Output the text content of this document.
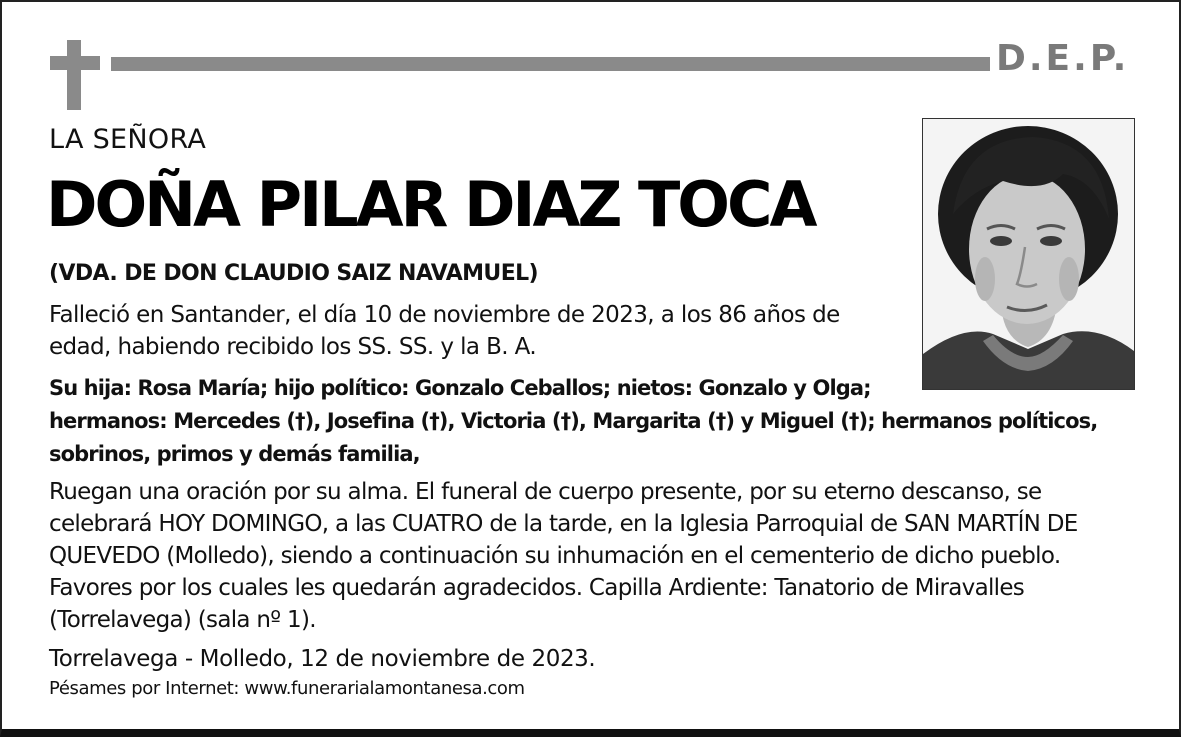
D.E.P.
LA SEÑORA
DOÑA PILAR DIAZ TOCA
(VDA. DE DON CLAUDIO SAIZ NAVAMUEL)
Falleció en Santander, el día 10 de noviembre de 2023, a los 86 años de
edad, habiendo recibido los SS. SS. y la B. A.
Su hija: Rosa María; hijo político: Gonzalo Ceballos; nietos: Gonzalo y Olga;
hermanos: Mercedes (†), Josefina (†), Victoria (†), Margarita (†) y Miguel (†); hermanos políticos,
sobrinos, primos y demás familia,
Ruegan una oración por su alma. El funeral de cuerpo presente, por su eterno descanso, se
celebrará HOY DOMINGO, a las CUATRO de la tarde, en la Iglesia Parroquial de SAN MARTÍN DE
QUEVEDO (Molledo), siendo a continuación su inhumación en el cementerio de dicho pueblo.
Favores por los cuales les quedarán agradecidos. Capilla Ardiente: Tanatorio de Miravalles
(Torrelavega) (sala nº 1).
Torrelavega - Molledo, 12 de noviembre de 2023.
Pésames por Internet: www.funerarialamontanesa.com
